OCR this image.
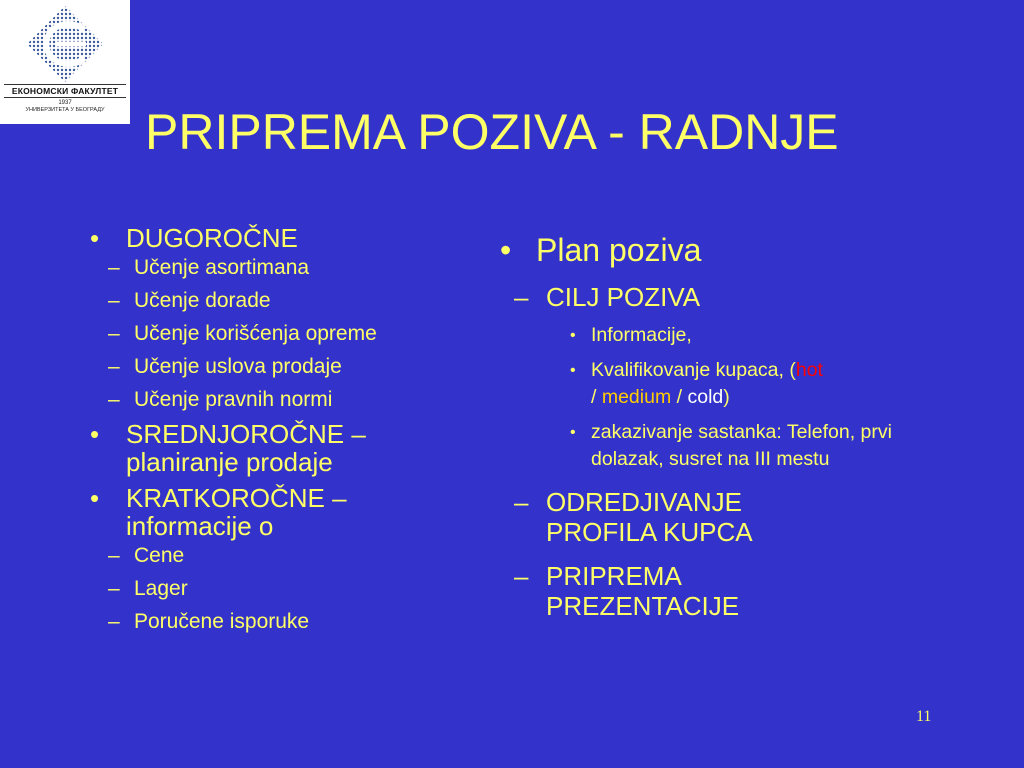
ЕКОНОМСКИ ФАКУЛТЕТ
1937
УНИВЕРЗИТЕТА У БЕОГРАДУ PRIPREMA POZIVA - RADNJE
• DUGOROČNE
– Učenje asortimana
– Učenje dorade
– Učenje korišćenja opreme
– Učenje uslova prodaje
– Učenje pravnih normi
• SREDNJOROČNE – planiranje prodaje
• KRATKOROČNE – informacije o
– Cene
– Lager
– Poručene isporuke
• Plan poziva
– CILJ POZIVA
• Informacije,
• Kvalifikovanje kupaca, (hot
/ medium / cold)
• zakazivanje sastanka: Telefon, prvi dolazak, susret na III mestu
– ODREDJIVANJE PROFILA KUPCA
– PRIPREMA PREZENTACIJE
11
